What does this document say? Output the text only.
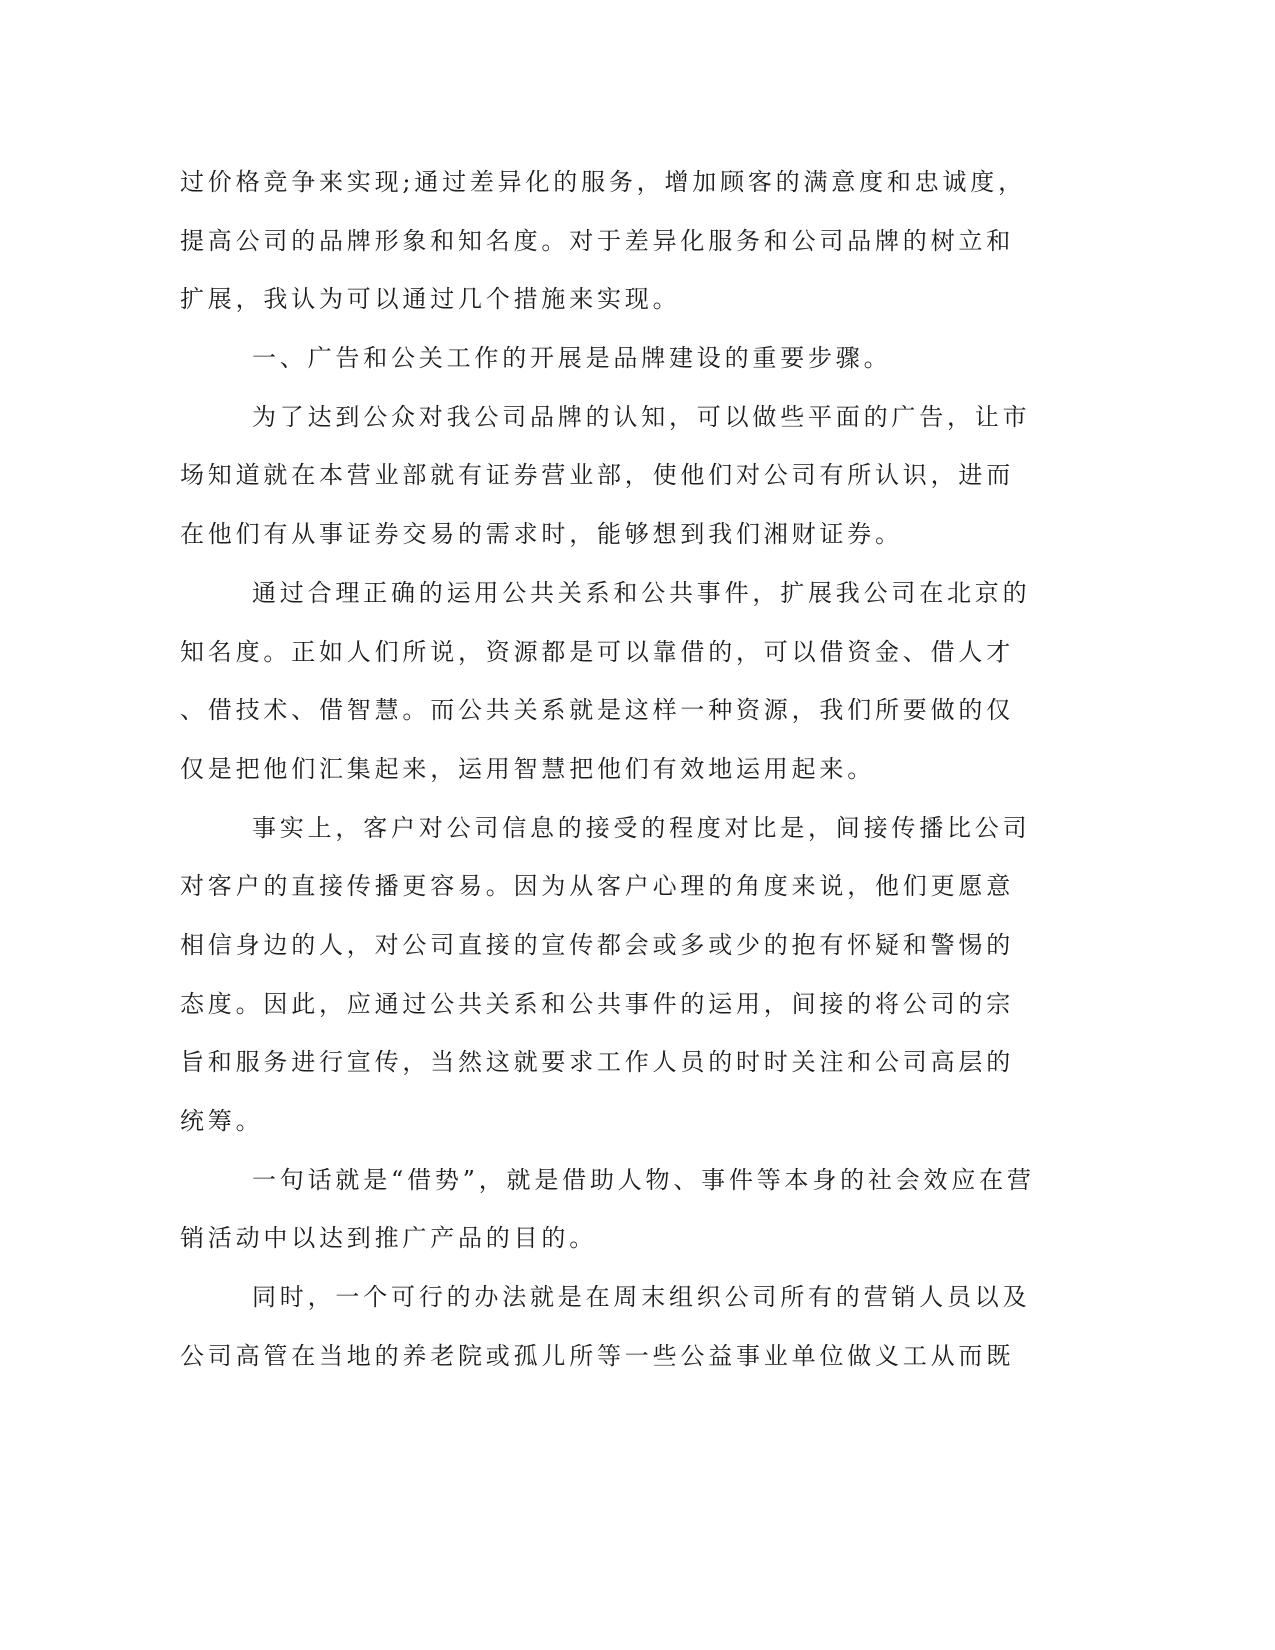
过价格竞争来实现;通过差异化的服务，增加顾客的满意度和忠诚度，
提高公司的品牌形象和知名度。对于差异化服务和公司品牌的树立和
扩展，我认为可以通过几个措施来实现。
一、广告和公关工作的开展是品牌建设的重要步骤。
为了达到公众对我公司品牌的认知，可以做些平面的广告，让市
场知道就在本营业部就有证券营业部，使他们对公司有所认识，进而
在他们有从事证券交易的需求时，能够想到我们湘财证券。
通过合理正确的运用公共关系和公共事件，扩展我公司在北京的
知名度。正如人们所说，资源都是可以靠借的，可以借资金、借人才
、借技术、借智慧。而公共关系就是这样一种资源，我们所要做的仅
仅是把他们汇集起来，运用智慧把他们有效地运用起来。
事实上，客户对公司信息的接受的程度对比是，间接传播比公司
对客户的直接传播更容易。因为从客户心理的角度来说，他们更愿意
相信身边的人，对公司直接的宣传都会或多或少的抱有怀疑和警惕的
态度。因此，应通过公共关系和公共事件的运用，间接的将公司的宗
旨和服务进行宣传，当然这就要求工作人员的时时关注和公司高层的
统筹。
一句话就是“借势”，就是借助人物、事件等本身的社会效应在营
销活动中以达到推广产品的目的。
同时，一个可行的办法就是在周末组织公司所有的营销人员以及
公司高管在当地的养老院或孤儿所等一些公益事业单位做义工从而既
